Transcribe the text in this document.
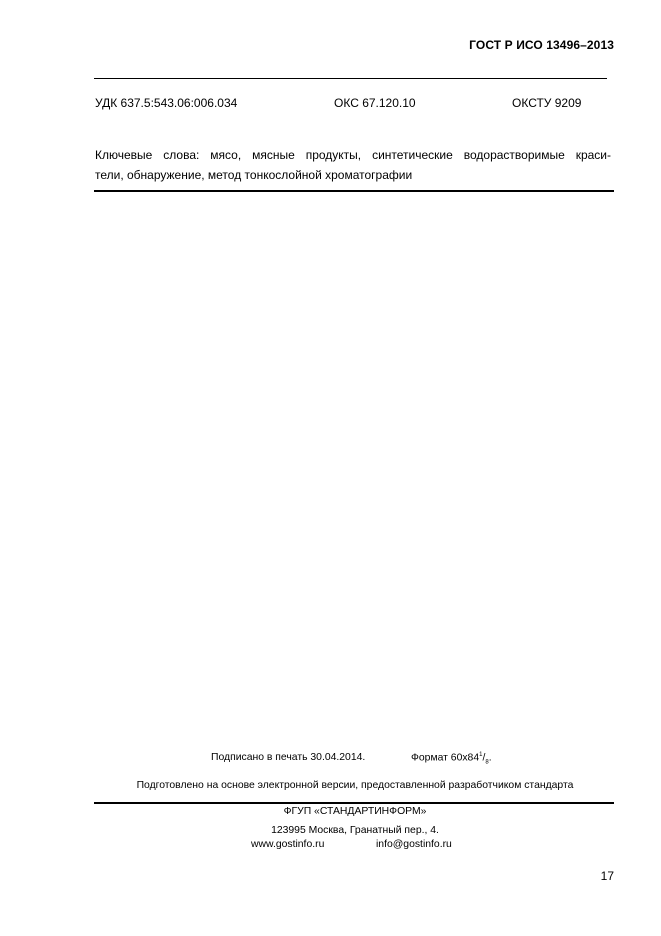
ГОСТ Р ИСО 13496–2013
УДК 637.5:543.06:006.034	ОКС 67.120.10	ОКСТУ 9209
Ключевые слова: мясо, мясные продукты, синтетические водорастворимые краси-
тели, обнаружение, метод тонкослойной хроматографии
Подписано в печать 30.04.2014.	Формат $60х84^1/_8$.
Подготовлено на основе электронной версии, предоставленной разработчиком стандарта
ФГУП «СТАНДАРТИНФОРМ»
123995 Москва, Гранатный пер., 4.
www.gostinfo.ru	info@gostinfo.ru
17
